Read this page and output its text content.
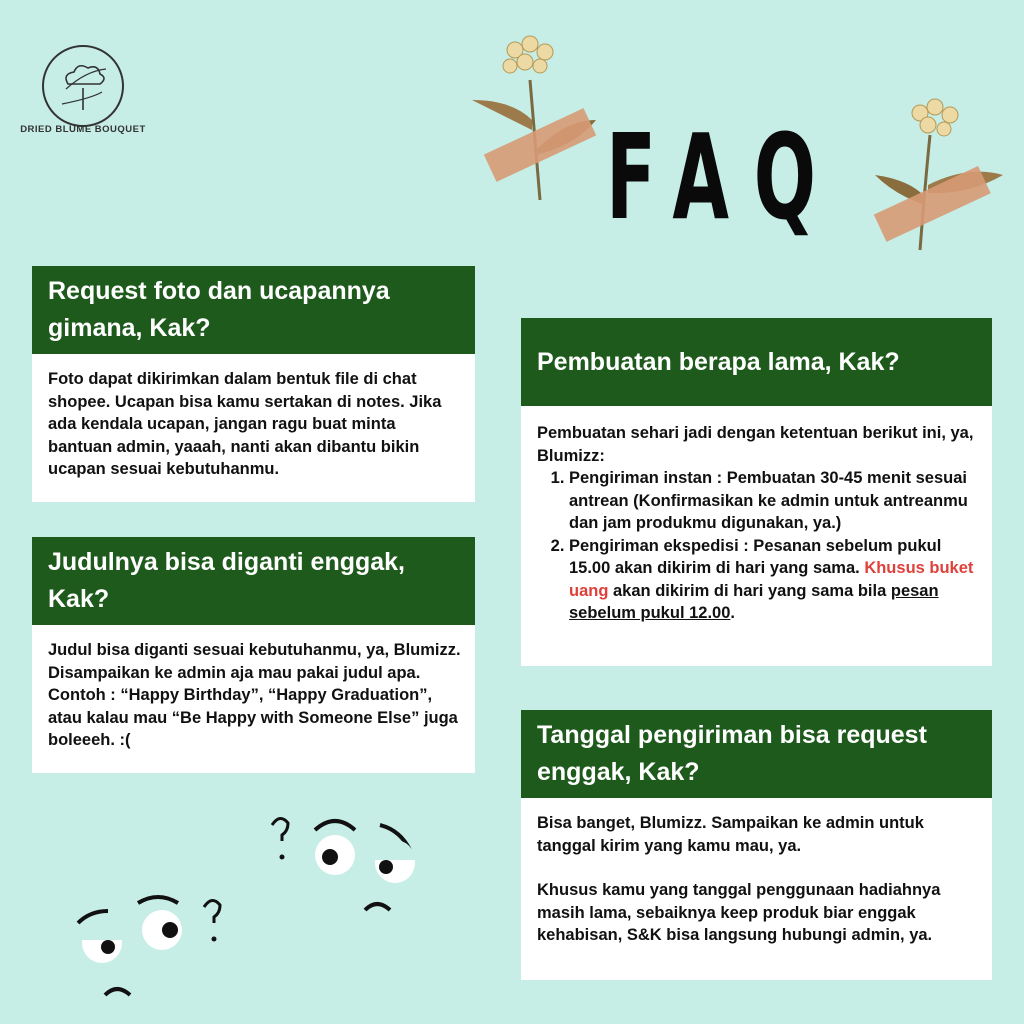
DRIED BLUME BOUQUET	FAQ
Request foto dan ucapannya gimana, Kak?

Foto dapat dikirimkan dalam bentuk file di chat shopee. Ucapan bisa kamu sertakan di notes. Jika ada kendala ucapan, jangan ragu buat minta bantuan admin, yaaah, nanti akan dibantu bikin ucapan sesuai kebutuhanmu.

Judulnya bisa diganti enggak, Kak?

Judul bisa diganti sesuai kebutuhanmu, ya, Blumizz. Disampaikan ke admin aja mau pakai judul apa. Contoh : “Happy Birthday”, “Happy Graduation”, atau kalau mau “Be Happy with Someone Else” juga boleeeh. :(

Pembuatan berapa lama, Kak?

Pembuatan sehari jadi dengan ketentuan berikut ini, ya, Blumizz:

1. Pengiriman instan : Pembuatan 30-45 menit sesuai antrean (Konfirmasikan ke admin untuk antreanmu dan jam produkmu digunakan, ya.)
2. Pengiriman ekspedisi : Pesanan sebelum pukul 15.00 akan dikirim di hari yang sama. Khusus buket uang akan dikirim di hari yang sama bila pesan sebelum pukul 12.00.
Tanggal pengiriman bisa request enggak, Kak?

Bisa banget, Blumizz. Sampaikan ke admin untuk tanggal kirim yang kamu mau, ya.

Khusus kamu yang tanggal penggunaan hadiahnya masih lama, sebaiknya keep produk biar enggak kehabisan, S&K bisa langsung hubungi admin, ya.
